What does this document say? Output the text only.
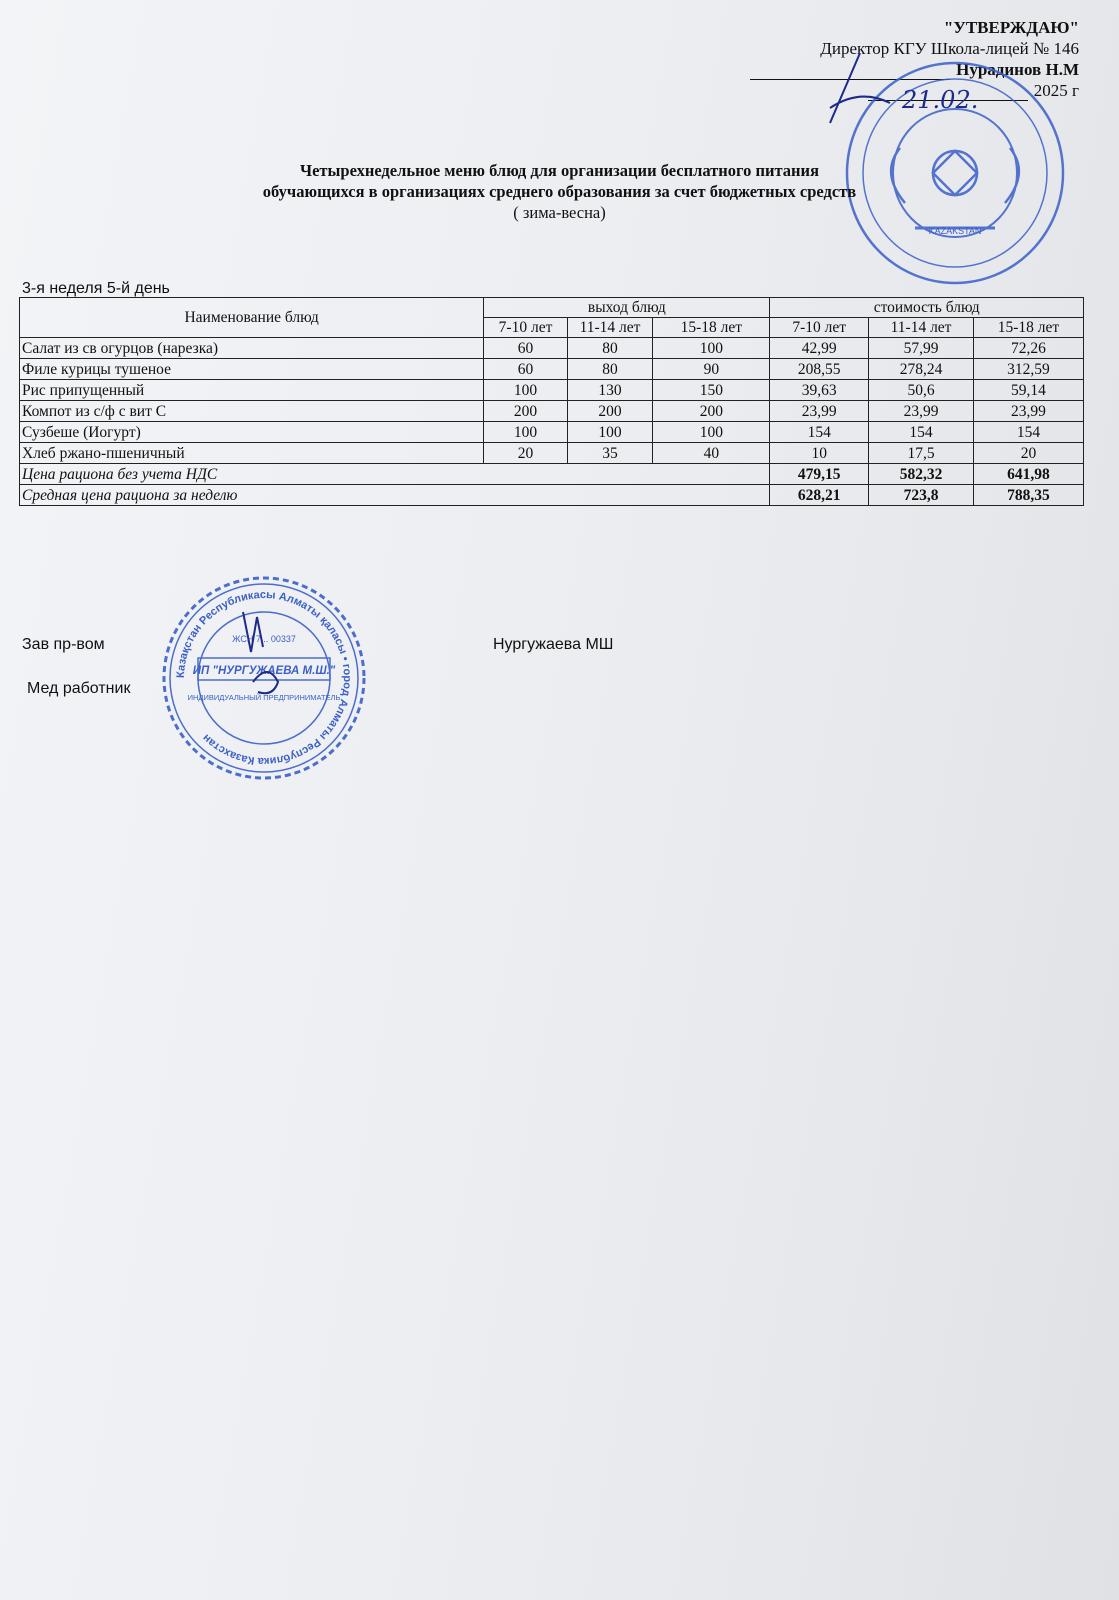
"УТВЕРЖДАЮ"
Директор КГУ Школа-лицей № 146
Нурадинов Н.М
2025 г
KAZAKSTAN
21.02.
Четырехнедельное меню блюд для организации бесплатного питания
обучающихся в организациях среднего образования за счет бюджетных средств
( зима-весна)
3-я неделя 5-й день
Наименование блюд	выход блюд			стоимость блюд		
	7-10 лет	11-14 лет	15-18 лет	7-10 лет	11-14 лет	15-18 лет
Салат из св огурцов (нарезка)	60	80	100	42,99	57,99	72,26
Филе курицы тушеное	60	80	90	208,55	278,24	312,59
Рис припущенный	100	130	150	39,63	50,6	59,14
Компот из с/ф с вит С	200	200	200	23,99	23,99	23,99
Сузбеше (Иогурт)	100	100	100	154	154	154
Хлеб ржано-пшеничный	20	35	40	10	17,5	20
Цена рациона без учета НДС				479,15	582,32	641,98
Средная цена рациона за неделю				628,21	723,8	788,35
Зав пр-вом	Нургужаева МШ
Мед работник
Казақстан Республикасы Алматы қаласы • город Алматы Республика Казахстан
ЖСН 7... 00337
ИП "НУРГУЖАЕВА М.Ш."
ИНДИВИДУАЛЬНЫЙ ПРЕДПРИНИМАТЕЛЬ
